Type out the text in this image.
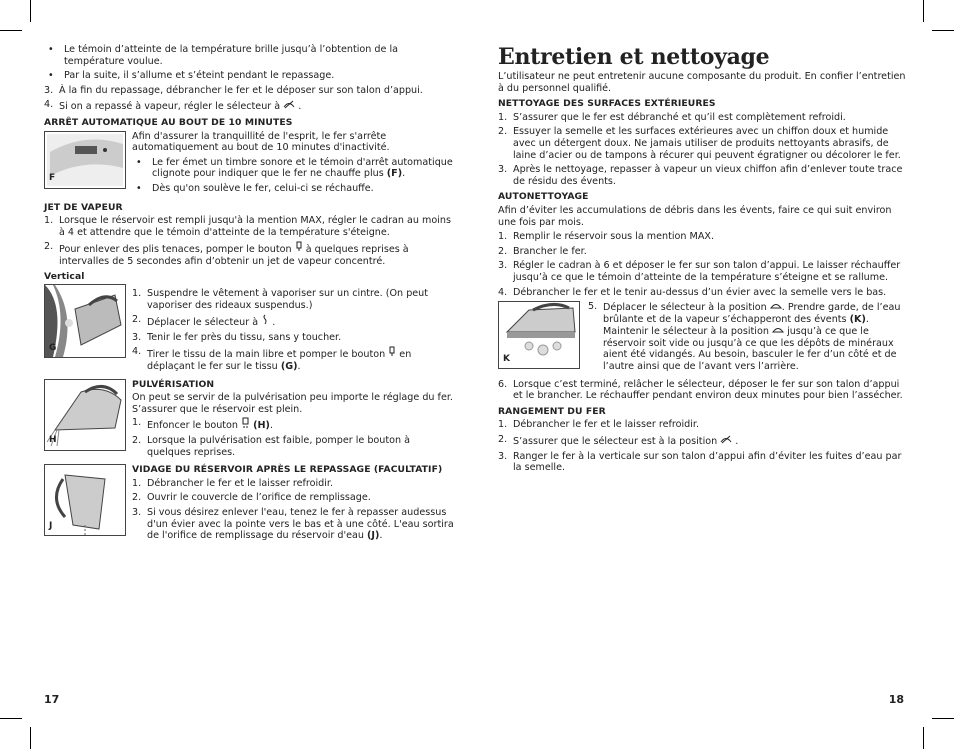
•	Le témoin d’atteinte de la température brille jusqu’à l’obtention de la température voulue.
•	Par la suite, il s’allume et s’éteint pendant le repassage.
3. À la fin du repassage, débrancher le fer et le déposer sur son talon d’appui.
4. Si on a repassé à vapeur, régler le sélecteur à  .
ARRÊT AUTOMATIQUE AU BOUT DE 10 MINUTES
F

Afin d'assurer la tranquillité de l'esprit, le fer s'arrête automatiquement au bout de 10 minutes d'inactivité.

•	Le fer émet un timbre sonore et le témoin d'arrêt automatique clignote pour indiquer que le fer ne chauffe plus (F).
•	Dès qu'on soulève le fer, celui-ci se réchauffe.
JET DE VAPEUR
1. Lorsque le réservoir est rempli jusqu'à la mention MAX, régler le cadran au moins à 4 et attendre que le témoin d'atteinte de la température s'éteigne.
2. Pour enlever des plis tenaces, pomper le bouton à quelques reprises à intervalles de 5 secondes afin d’obtenir un jet de vapeur concentré.
Vertical
G
1. Suspendre le vêtement à vaporiser sur un cintre. (On peut vaporiser des rideaux suspendus.)
2. Déplacer le sélecteur à  .
3. Tenir le fer près du tissu, sans y toucher.
4. Tirer le tissu de la main libre et pomper le bouton en déplaçant le fer sur le tissu (G).
H
PULVÉRISATION

On peut se servir de la pulvérisation peu importe le réglage du fer. S’assurer que le réservoir est plein.

1. Enfoncer le bouton (H).
2. Lorsque la pulvérisation est faible, pomper le bouton à quelques reprises.
J
VIDAGE DU RÉSERVOIR APRÈS LE REPASSAGE (FACULTATIF)
1. Débrancher le fer et le laisser refroidir.
2. Ouvrir le couvercle de l’orifice de remplissage.
3. Si vous désirez enlever l'eau, tenez le fer à repasser audessus d'un évier avec la pointe vers le bas et à une côté. L'eau sortira de l'orifice de remplissage du réservoir d'eau (J).
17
Entretien et nettoyage

L’utilisateur ne peut entretenir aucune composante du produit. En confier l’entretien à du personnel qualifié.

NETTOYAGE DES SURFACES EXTÉRIEURES
1. S’assurer que le fer est débranché et qu’il est complètement refroidi.
2. Essuyer la semelle et les surfaces extérieures avec un chiffon doux et humide avec un détergent doux. Ne jamais utiliser de produits nettoyants abrasifs, de laine d’acier ou de tampons à récurer qui peuvent égratigner ou décolorer le fer.
3. Après le nettoyage, repasser à vapeur un vieux chiffon afin d’enlever toute trace de résidu des évents.
AUTONETTOYAGE

Afin d’éviter les accumulations de débris dans les évents, faire ce qui suit environ une fois par mois.

1. Remplir le réservoir sous la mention MAX.
2. Brancher le fer.
3. Régler le cadran à 6 et déposer le fer sur son talon d’appui. Le laisser réchauffer jusqu’à ce que le témoin d’atteinte de la température s’éteigne et se rallume.
4. Débrancher le fer et le tenir au-dessus d’un évier avec la semelle vers le bas.
K
5. Déplacer le sélecteur à la position . Prendre garde, de l’eau brûlante et de la vapeur s’échapperont des évents (K). Maintenir le sélecteur à la position jusqu’à ce que le réservoir soit vide ou jusqu’à ce que les dépôts de minéraux aient été vidangés. Au besoin, basculer le fer d’un côté et de l’autre ainsi que de l’avant vers l’arrière.
6. Lorsque c’est terminé, relâcher le sélecteur, déposer le fer sur son talon d’appui et le brancher. Le réchauffer pendant environ deux minutes pour bien l’assécher.
RANGEMENT DU FER
1. Débrancher le fer et le laisser refroidir.
2. S’assurer que le sélecteur est à la position  .
3. Ranger le fer à la verticale sur son talon d’appui afin d’éviter les fuites d’eau par la semelle.
18
